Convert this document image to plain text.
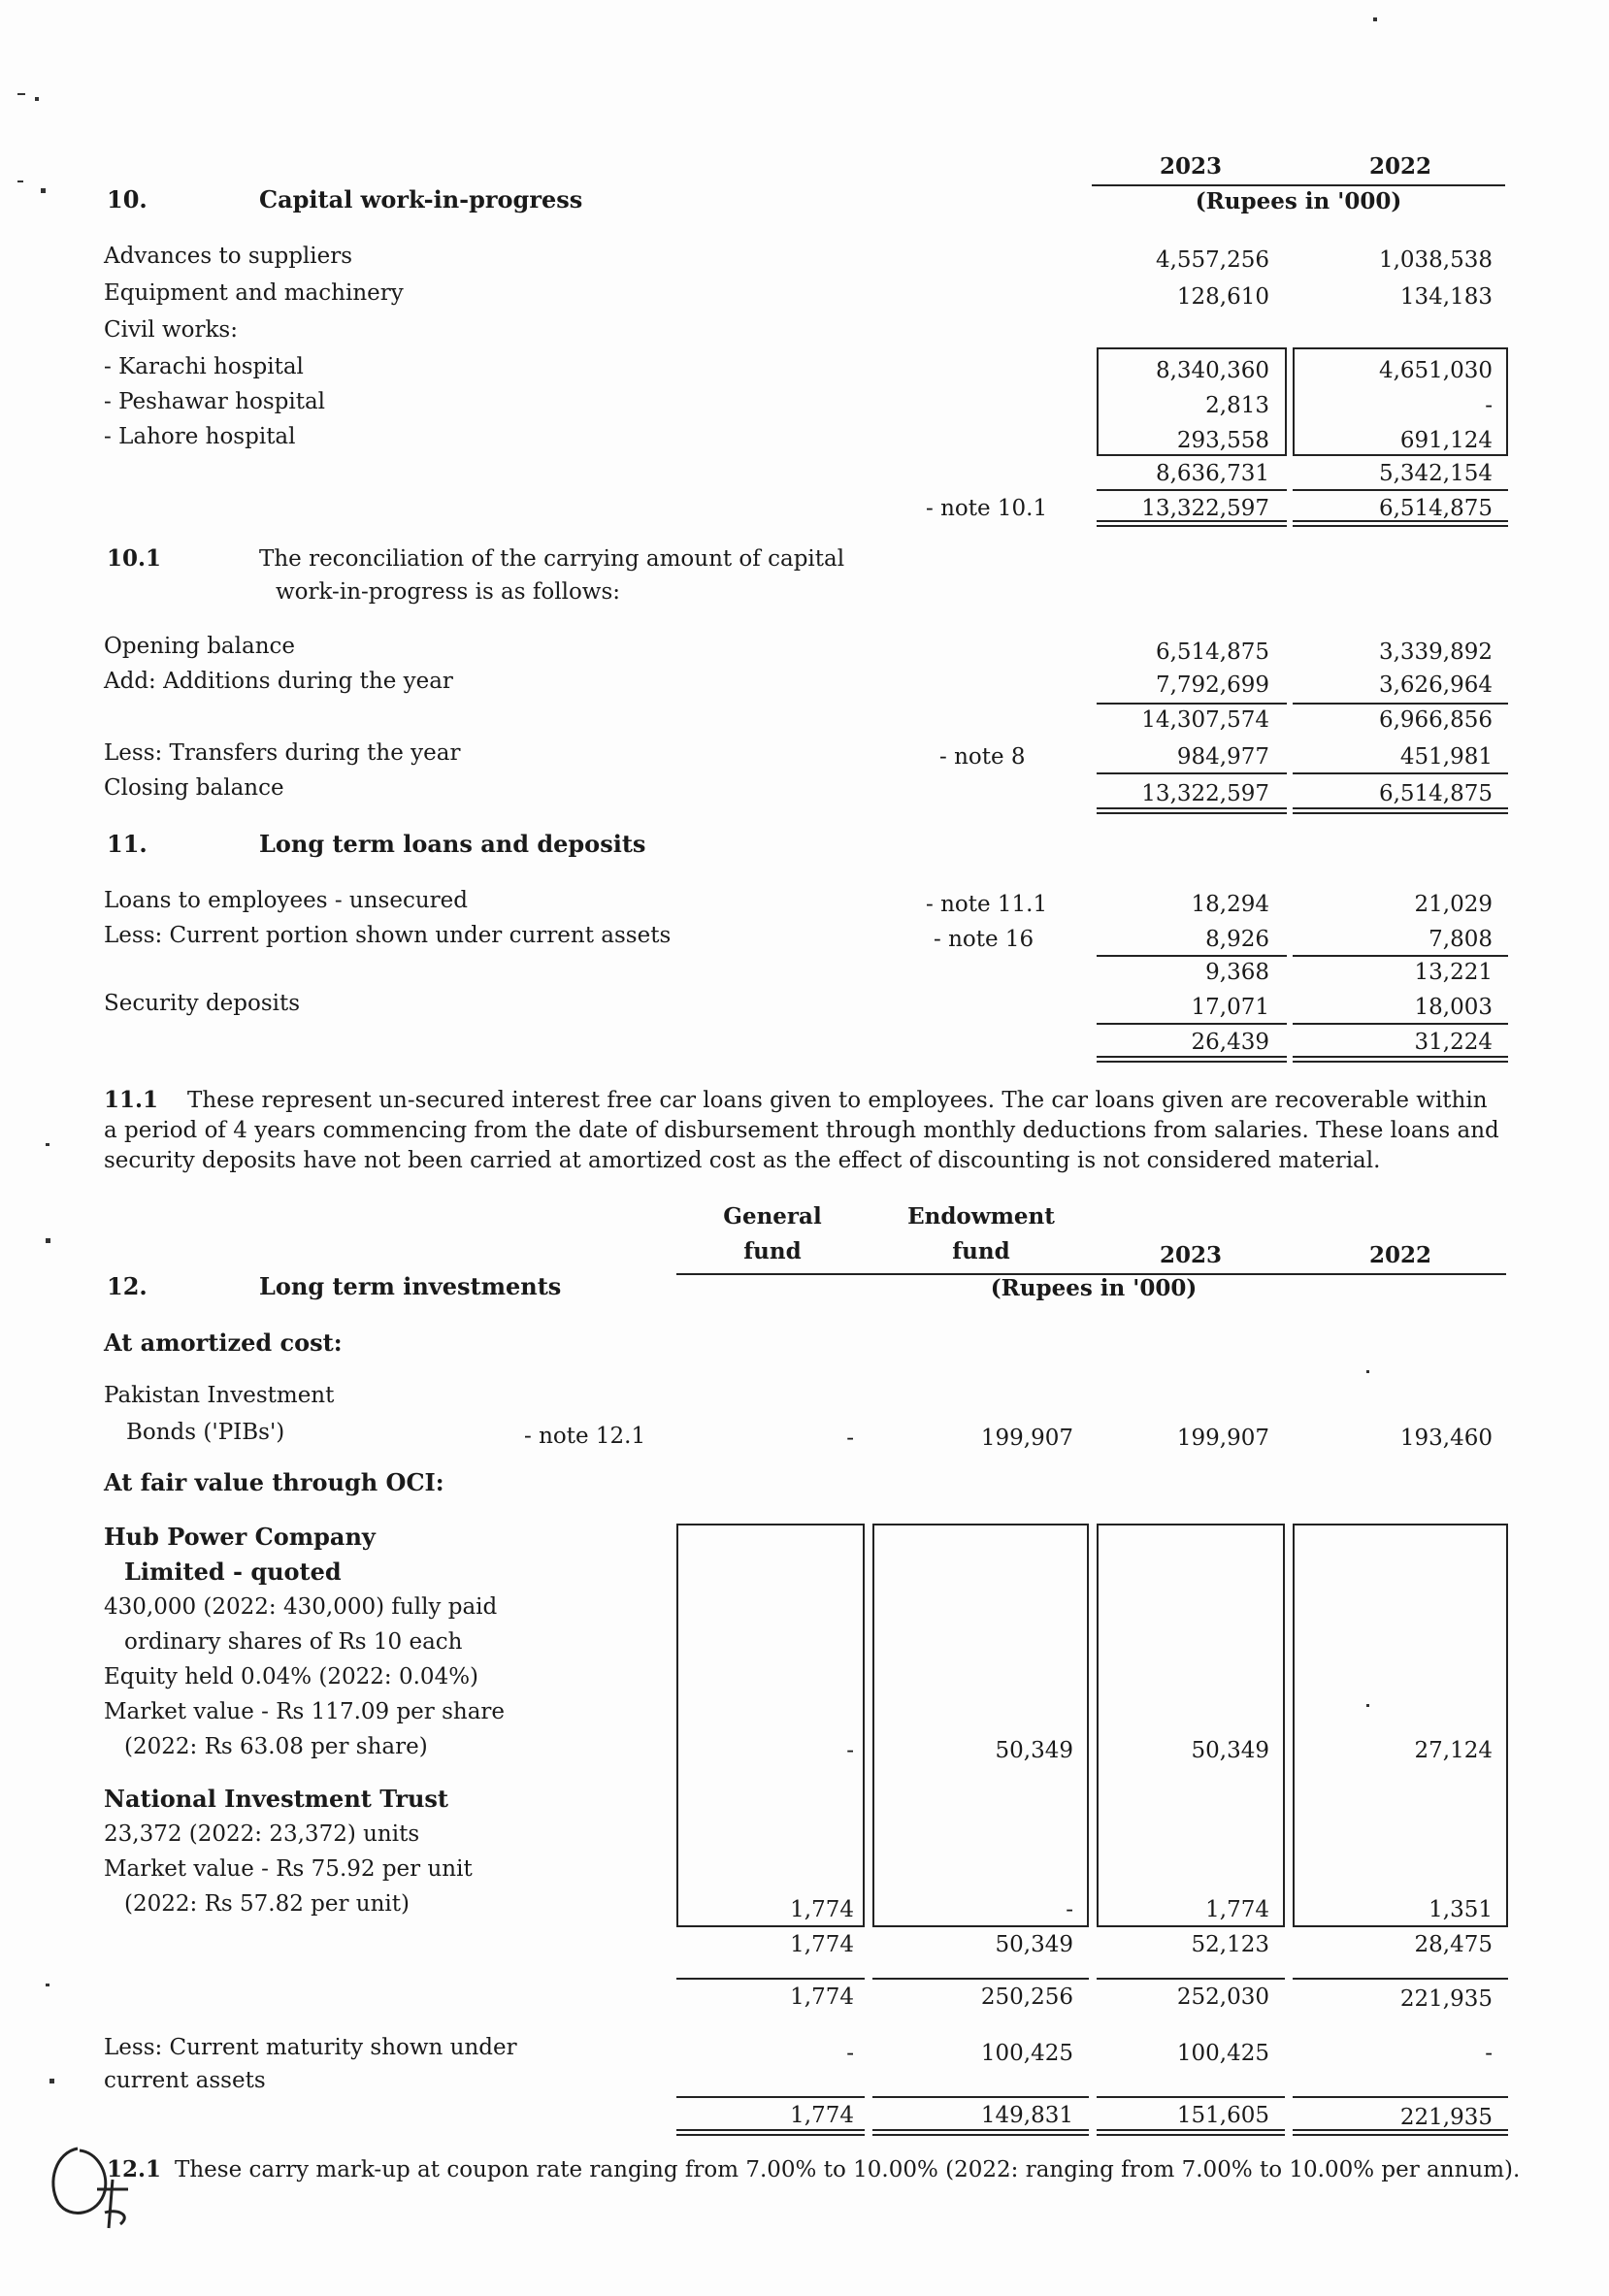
2023	2022
(Rupees in '000)
10.	Capital work-in-progress
Advances to suppliers	4,557,256	1,038,538
Equipment and machinery	128,610	134,183
Civil works:
- Karachi hospital	8,340,360	4,651,030
- Peshawar hospital	2,813	-
- Lahore hospital	293,558	691,124
8,636,731	5,342,154
- note 10.1	13,322,597	6,514,875
10.1	The reconciliation of the carrying amount of capital
work-in-progress is as follows:
Opening balance	6,514,875	3,339,892
Add: Additions during the year	7,792,699	3,626,964
14,307,574	6,966,856
Less: Transfers during the year	- note 8	984,977	451,981
Closing balance	13,322,597	6,514,875
11.	Long term loans and deposits
Loans to employees - unsecured	- note 11.1	18,294	21,029
Less: Current portion shown under current assets	- note 16	8,926	7,808
9,368	13,221
Security deposits	17,071	18,003
26,439	31,224
11.1 These represent un-secured interest free car loans given to employees. The car loans given are recoverable within a period of 4 years commencing from the date of disbursement through monthly deductions from salaries. These loans and security deposits have not been carried at amortized cost as the effect of discounting is not considered material.
General
fund
Endowment
fund	2023	2022
(Rupees in '000)
12.	Long term investments
At amortized cost:
Pakistan Investment
Bonds ('PIBs')	- note 12.1	-	199,907	199,907	193,460
At fair value through OCI:
Hub Power Company
Limited - quoted
430,000 (2022: 430,000) fully paid
ordinary shares of Rs 10 each
Equity held 0.04% (2022: 0.04%)
Market value - Rs 117.09 per share
(2022: Rs 63.08 per share)	-	50,349	50,349	27,124
National Investment Trust
23,372 (2022: 23,372) units
Market value - Rs 75.92 per unit
(2022: Rs 57.82 per unit)	1,774	-	1,774	1,351
1,774	50,349	52,123	28,475
1,774	250,256	252,030	221,935
Less: Current maturity shown under
current assets
-	100,425	100,425	-
1,774	149,831	151,605	221,935
12.1 These carry mark-up at coupon rate ranging from 7.00% to 10.00% (2022: ranging from 7.00% to 10.00% per annum).
